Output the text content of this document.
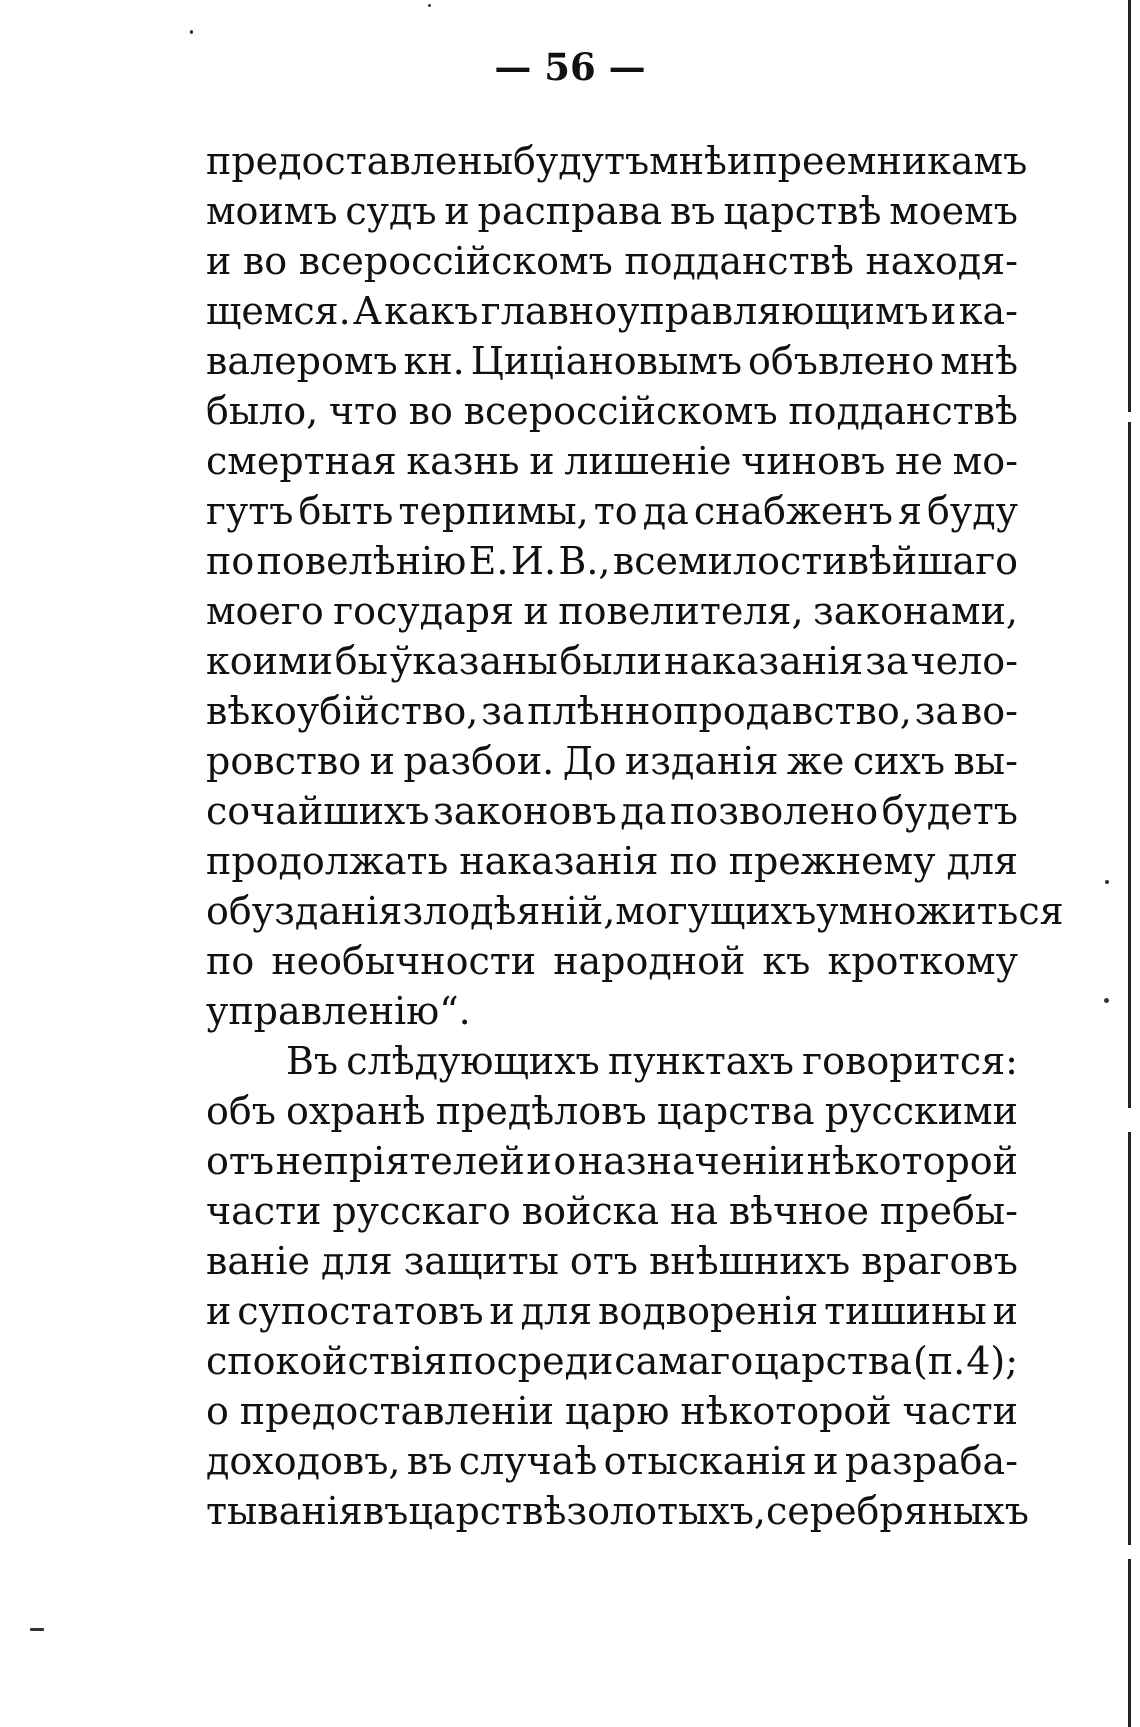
— 56 —
предоставлены будутъ мнѣ и преемникамъ
моимъ судъ и расправа въ царствѣ моемъ
и во всероссійскомъ подданствѣ находя-
щемся. А какъ главноуправляющимъ и ка-
валеромъ кн. Циціановымъ объвлено мнѣ
было, что во всероссійскомъ подданствѣ
смертная казнь и лишеніе чиновъ не мо-
гутъ быть терпимы, то да снабженъ я буду
по повелѣнію Е. И. В., всемилостивѣйшаго
моего государя и повелителя, законами,
коими бы ўказаны были наказанія за чело-
вѣкоубійство, за плѣннопродавство, за во-
ровство и разбои. До изданія же сихъ вы-
сочайшихъ законовъ да позволено будетъ
продолжать наказанія по прежнему для
обузданія злодѣяній, могущихъ умножиться
по необычности народной къ кроткому
управленію“.
Въ слѣдующихъ пунктахъ говорится:
объ охранѣ предѣловъ царства русскими
отъ непріятелей и о назначеніи нѣкоторой
части русскаго войска на вѣчное пребы-
ваніе для защиты отъ внѣшнихъ враговъ
и супостатовъ и для водворенія тишины и
спокойствія посреди самаго царства (п. 4);
о предоставленіи царю нѣкоторой части
доходовъ, въ случаѣ отысканія и разраба-
тыванія въ царствѣ золотыхъ, серебряныхъ
